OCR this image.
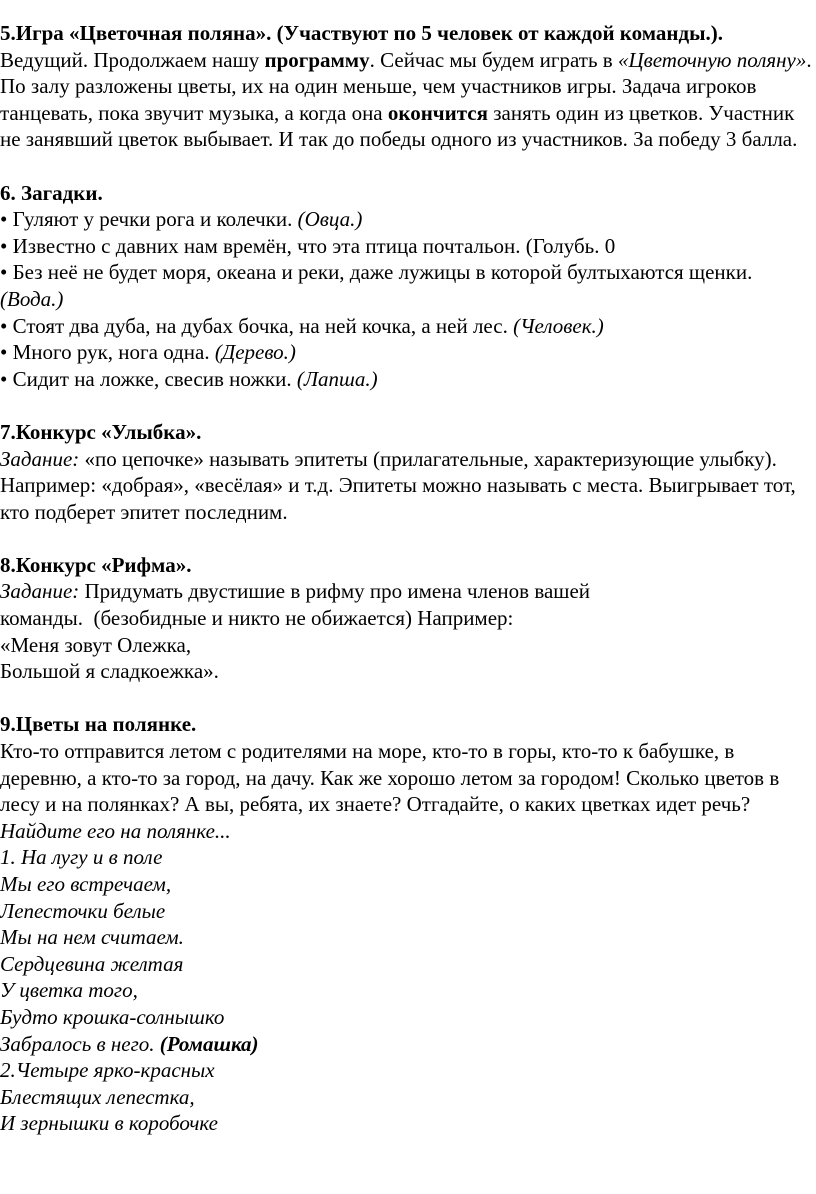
5.Игра «Цветочная поляна». (Участвуют по 5 человек от каждой команды.).

Ведущий. Продолжаем нашу программу. Сейчас мы будем играть в «Цветочную поляну». По залу разложены цветы, их на один меньше, чем участников игры. Задача игроков танцевать, пока звучит музыка, а когда она окончится занять один из цветков. Участник не занявший цветок выбывает. И так до победы одного из участников. За победу 3 балла.

6. Загадки.

• Гуляют у речки рога и колечки. (Овца.)

• Известно с давних нам времён, что эта птица почтальон. (Голубь. 0

• Без неё не будет моря, океана и реки, даже лужицы в которой бултыхаются щенки. (Вода.)

• Стоят два дуба, на дубах бочка, на ней кочка, а ней лес. (Человек.)

• Много рук, нога одна. (Дерево.)

• Сидит на ложке, свесив ножки. (Лапша.)

7.Конкурс «Улыбка».

Задание: «по цепочке» называть эпитеты (прилагательные, характеризующие улыбку). Например: «добрая», «весёлая» и т.д. Эпитеты можно называть с места. Выигрывает тот, кто подберет эпитет последним.

8.Конкурс «Рифма».

Задание: Придумать двустишие в рифму про имена членов вашей

команды.  (безобидные и никто не обижается) Например:

«Меня зовут Олежка,

Большой я сладкоежка».

9.Цветы на полянке.

Кто-то отправится летом с родителями на море, кто-то в горы, кто-то к бабушке, в деревню, а кто-то за город, на дачу. Как же хорошо летом за городом! Сколько цветов в лесу и на полянках? А вы, ребята, их знаете? Отгадайте, о каких цветках идет речь?

Найдите его на полянке...

1. На лугу и в поле

Мы его встречаем,

Лепесточки белые

Мы на нем считаем.

Сердцевина желтая

У цветка того,

Будто крошка-солнышко

Забралось в него. (Ромашка)

2.Четыре ярко-красных

Блестящих лепестка,

И зернышки в коробочке
